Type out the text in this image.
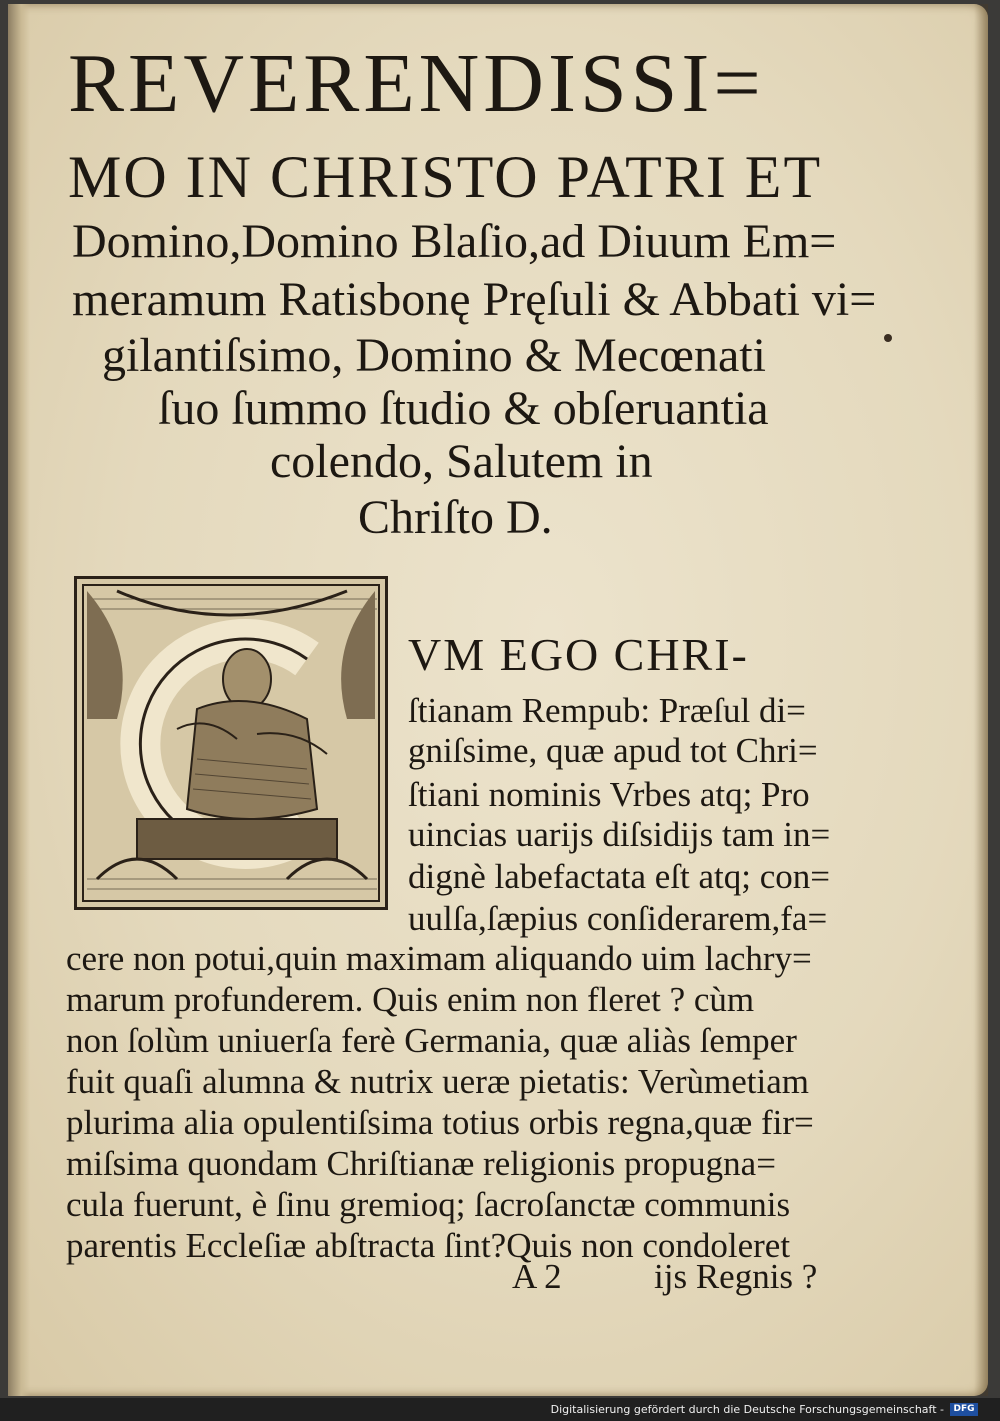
REVERENDISSI=
MO IN CHRISTO PATRI ET
Domino,Domino Blaſio,ad Diuum Em=
meramum Ratisbonę Pręſuli & Abbati vi=
gilantiſsimo, Domino & Mecœnati
ſuo ſummo ſtudio & obſeruantia
colendo, Salutem in
Chriſto D.
VM EGO CHRI-
ſtianam Rempub: Præſul di=
gniſsime, quæ apud tot Chri=
ſtiani nominis Vrbes atq; Pro
uincias uarijs diſsidijs tam in=
dignè labefactata eſt atq; con=
uulſa,ſæpius conſiderarem,fa=
cere non potui,quin maximam aliquando uim lachry=
marum profunderem. Quis enim non fleret ? cùm
non ſolùm uniuerſa ferè Germania, quæ aliàs ſemper
fuit quaſi alumna & nutrix ueræ pietatis: Verùmetiam
plurima alia opulentiſsima totius orbis regna,quæ fir=
miſsima quondam Chriſtianæ religionis propugna=
cula fuerunt, è ſinu gremioq; ſacroſanctæ communis
parentis Eccleſiæ abſtracta ſint?Quis non condoleret
A 2	ijs Regnis ?
Digitalisierung gefördert durch die Deutsche Forschungsgemeinschaft -	DFG
